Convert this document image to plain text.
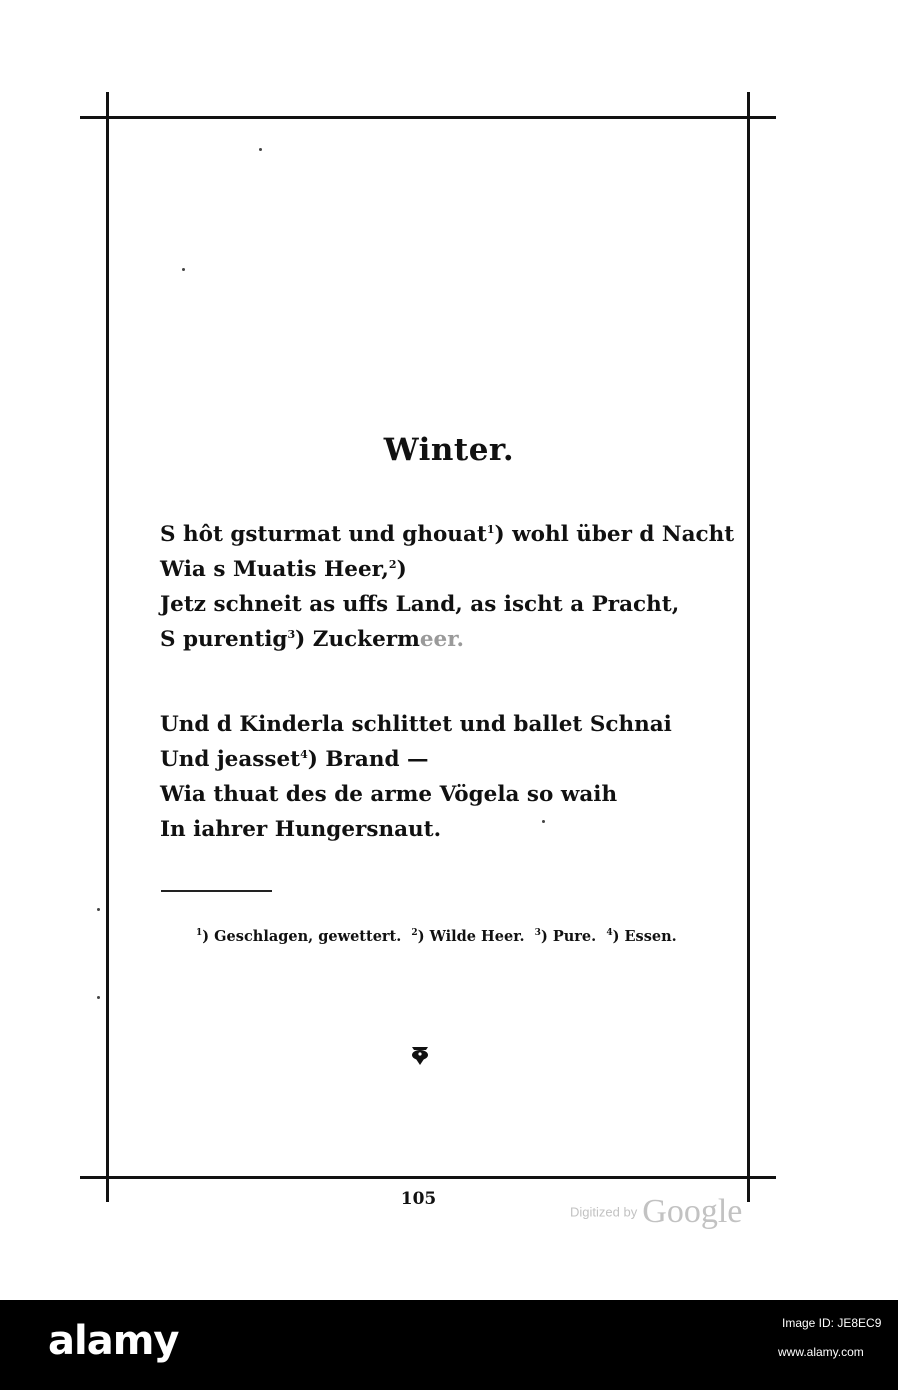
Winter.
S hôt gsturmat und ghouat$^1$) wohl über d Nacht
Wia s Muatis Heer,$^2$)
Jetz schneit as uffs Land, as ischt a Pracht,
S purentig$^3$) Zuckermeer.
Und d Kinderla schlittet und ballet Schnai
Und jeasset$^4$) Brand —
Wia thuat des de arme Vögela so waih
In iahrer Hungersnaut.
$^1$) Geschlagen, gewettert. $^2$) Wilde Heer. $^3$) Pure. $^4$) Essen.
105
Digitized by Google
alamy	Image ID: JE8EC9
www.alamy.com
